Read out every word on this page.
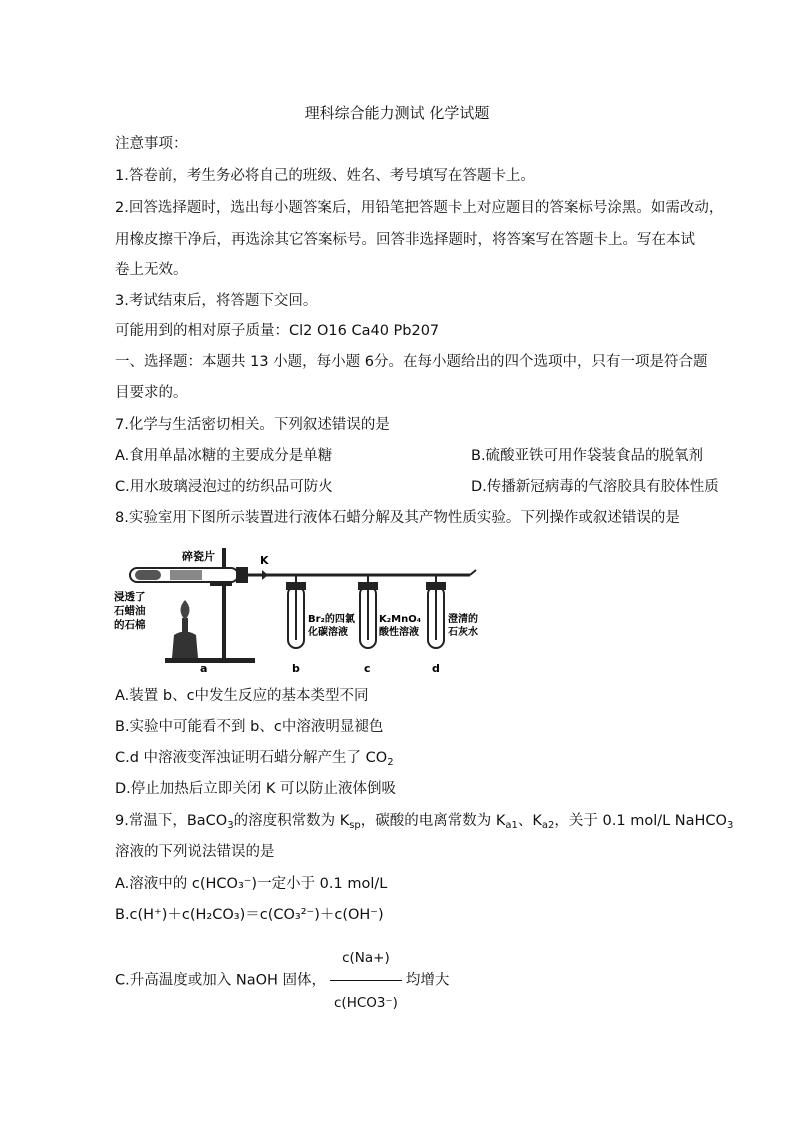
理科综合能力测试 化学试题
注意事项：
1.答卷前，考生务必将自己的班级、姓名、考号填写在答题卡上。
2.回答选择题时，选出每小题答案后，用铅笔把答题卡上对应题目的答案标号涂黑。如需改动，
用橡皮擦干净后，再选涂其它答案标号。回答非选择题时，将答案写在答题卡上。写在本试
卷上无效。
3.考试结束后，将答题下交回。
可能用到的相对原子质量：Cl2 O16 Ca40 Pb207
一、选择题：本题共 13 小题，每小题 6分。在每小题给出的四个选项中，只有一项是符合题
目要求的。
7.化学与生活密切相关。下列叙述错误的是
A.食用单晶冰糖的主要成分是单糖	B.硫酸亚铁可用作袋装食品的脱氧剂
C.用水玻璃浸泡过的纺织品可防火	D.传播新冠病毒的气溶胶具有胶体性质
8.实验室用下图所示装置进行液体石蜡分解及其产物性质实验。下列操作或叙述错误的是
碎瓷片	K
浸透了
石蜡油
的石棉	Br₂的四氯
化碳溶液
K₂MnO₄
酸性溶液
澄清的
石灰水
a	b	c	d
A.装置 b、c中发生反应的基本类型不同
B.实验中可能看不到 b、c中溶液明显褪色
C.d 中溶液变浑浊证明石蜡分解产生了 $CO_2$
D.停止加热后立即关闭 K 可以防止液体倒吸
9.常温下，BaCO$_3$的溶度积常数为 $K_{sp}$，碳酸的电离常数为 $K_{a1}$、$K_{a2}$，关于 0.1 mol/L NaHCO$_3$
溶液的下列说法错误的是
A.溶液中的 c(HCO₃⁻)一定小于 0.1 mol/L
B.c(H⁺)＋c(H₂CO₃)＝c(CO₃²⁻)＋c(OH⁻)
C.升高温度或加入 NaOH 固体， $\frac{c(Na+)}{\text{c(HCO3⁻)}}$ 均增大
